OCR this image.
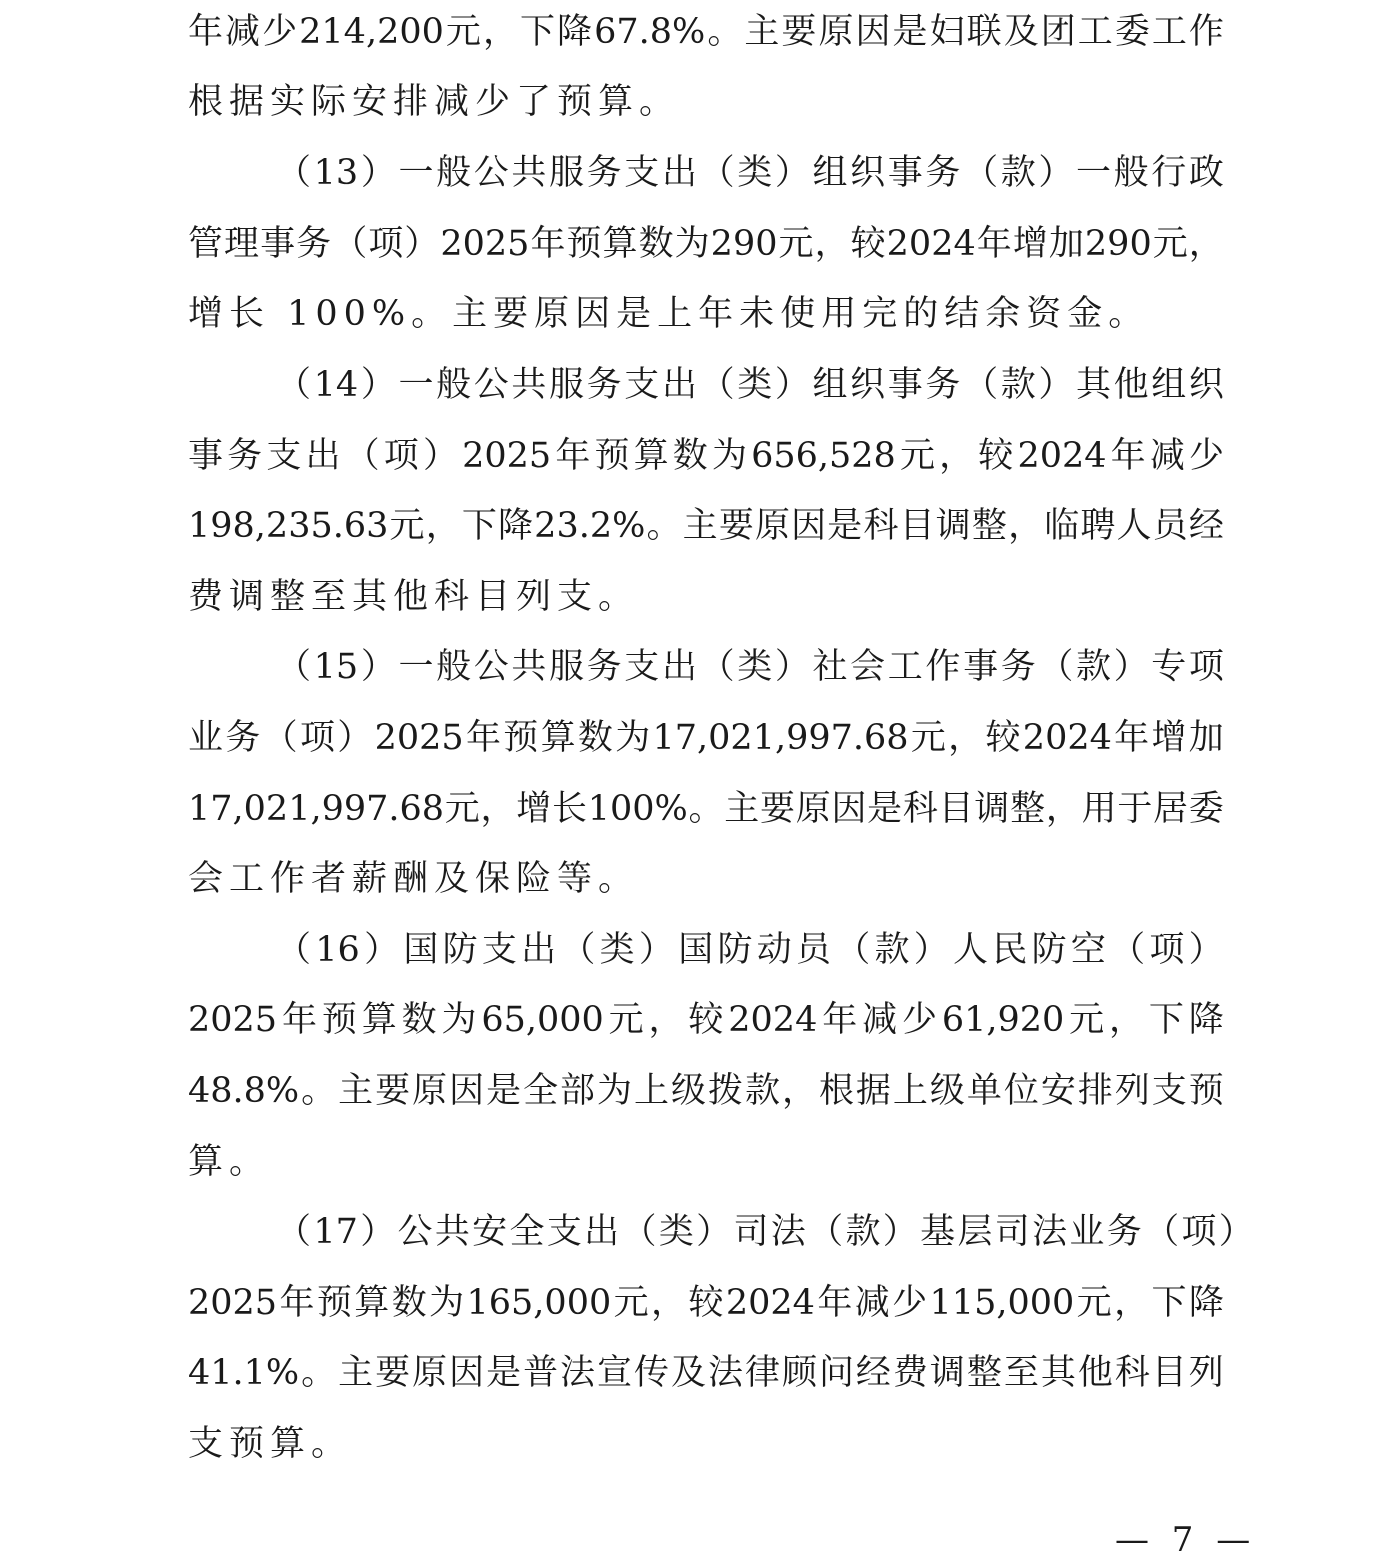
年 减 少 214,200 元 ， 下 降 67.8% 。 主 要 原 因 是 妇 联 及 团 工 委 工 作
根据实际安排减少了预算。
（ 13 ） 一 般 公 共 服 务 支 出 （ 类 ） 组 织 事 务 （ 款 ） 一 般 行 政
管 理 事 务 （ 项 ） 2025 年 预 算 数 为 290 元 ， 较 2024 年 增 加 290 元 ，
增长 100%。主要原因是上年未使用完的结余资金。
（ 14 ） 一 般 公 共 服 务 支 出 （ 类 ） 组 织 事 务 （ 款 ） 其 他 组 织
事 务 支 出 （ 项 ） 2025 年 预 算 数 为 656,528 元 ， 较 2024 年 减 少
198,235.63 元 ， 下 降 23.2% 。 主 要 原 因 是 科 目 调 整 ， 临 聘 人 员 经
费调整至其他科目列支。
（ 15 ） 一 般 公 共 服 务 支 出 （ 类 ） 社 会 工 作 事 务 （ 款 ） 专 项
业 务 （ 项 ） 2025 年 预 算 数 为 17,021,997.68 元 ， 较 2024 年 增 加
17,021,997.68 元 ， 增 长 100% 。 主 要 原 因 是 科 目 调 整 ， 用 于 居 委
会工作者薪酬及保险等。
（ 16 ） 国 防 支 出 （ 类 ） 国 防 动 员 （ 款 ） 人 民 防 空 （ 项 ）
2025 年 预 算 数 为 65,000 元 ， 较 2024 年 减 少 61,920 元 ， 下 降
48.8% 。 主 要 原 因 是 全 部 为 上 级 拨 款 ， 根 据 上 级 单 位 安 排 列 支 预
算。
（ 17 ） 公 共 安 全 支 出 （ 类 ） 司 法 （ 款 ） 基 层 司 法 业 务 （ 项 ）
2025 年 预 算 数 为 165,000 元 ， 较 2024 年 减 少 115,000 元 ， 下 降
41.1% 。 主 要 原 因 是 普 法 宣 传 及 法 律 顾 问 经 费 调 整 至 其 他 科 目 列
支预算。
— 7 —
